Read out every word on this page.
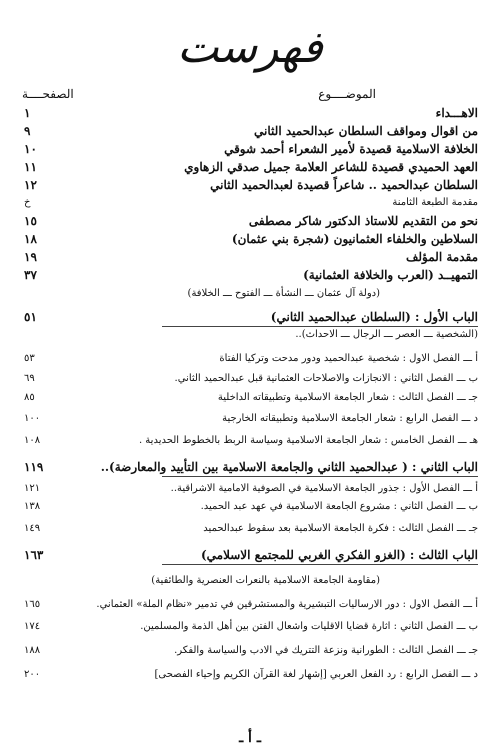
فهرست
الموضــــوع
الصفحــــة
الاهـــداء
١
من اقوال ومواقف السلطان عبدالحميد الثاني
٩
الخلافة الاسلامية قصيدة لأمير الشعراء أحمد شوقي
١٠
العهد الحميدي قصيدة للشاعر العلامة جميل صدقي الزهاوي
١١
السلطان عبدالحميد .. شاعراً قصيدة لعبدالحميد الثاني
١٢
مقدمة الطبعة الثامنة
خ
نحو من التقديم للاستاذ الدكتور شاكر مصطفى
١٥
السلاطين والخلفاء العثمانيون (شجرة بني عثمان)
١٨
مقدمة المؤلف
١٩
التمهيــد (العرب والخلافة العثمانية)
٣٧
(دولة آل عثمان ـــ النشأة ـــ الفتوح ـــ الخلافة)
الباب الأول : (السلطان عبدالحميد الثاني)
٥١
(الشخصية ـــ العصر ـــ الرجال ـــ الاحداث)..
أ ـــ الفصل الاول : شخصية عبدالحميد ودور مدحت وتركيا الفتاة
٥٣
ب ـــ الفصل الثاني : الانجازات والاصلاحات العثمانية قبل عبدالحميد الثاني.
٦٩
جـ ـــ الفصل الثالث : شعار الجامعة الاسلامية وتطبيقاته الداخلية
٨٥
د ـــ الفصل الرابع : شعار الجامعة الاسلامية وتطبيقاته الخارجية
١٠٠
هـ ـــ الفصل الخامس : شعار الجامعة الاسلامية وسياسة الربط بالخطوط الحديدية .
١٠٨
الباب الثاني : ( عبدالحميد الثاني والجامعة الاسلامية بين التأييد والمعارضة)..
١١٩
أ ـــ الفصل الأول : جذور الجامعة الاسلامية في الصوفية الامامية الاشراقية..
١٢١
ب ـــ الفصل الثاني : مشروع الجامعة الاسلامية في عهد عبد الحميد.
١٣٨
جـ ـــ الفصل الثالث : فكرة الجامعة الاسلامية بعد سقوط عبدالحميد
١٤٩
الباب الثالث : (الغزو الفكري الغربي للمجتمع الاسلامي)
١٦٣
(مقاومة الجامعة الاسلامية بالنعرات العنصرية والطائفية)
أ ـــ الفصل الاول : دور الارساليات التبشيرية والمستشرقين في تدمير «نظام الملة» العثماني.
١٦٥
ب ـــ الفصل الثاني : اثارة قضايا الاقليات واشعال الفتن بين أهل الذمة والمسلمين.
١٧٤
جـ ـــ الفصل الثالث : الطورانية ونزعة التتريك في الادب والسياسة والفكر.
١٨٨
د ـــ الفصل الرابع : رد الفعل العربي [إشهار لغة القرآن الكريم وإحياء الفصحى]
٢٠٠
ـ أ ـ
